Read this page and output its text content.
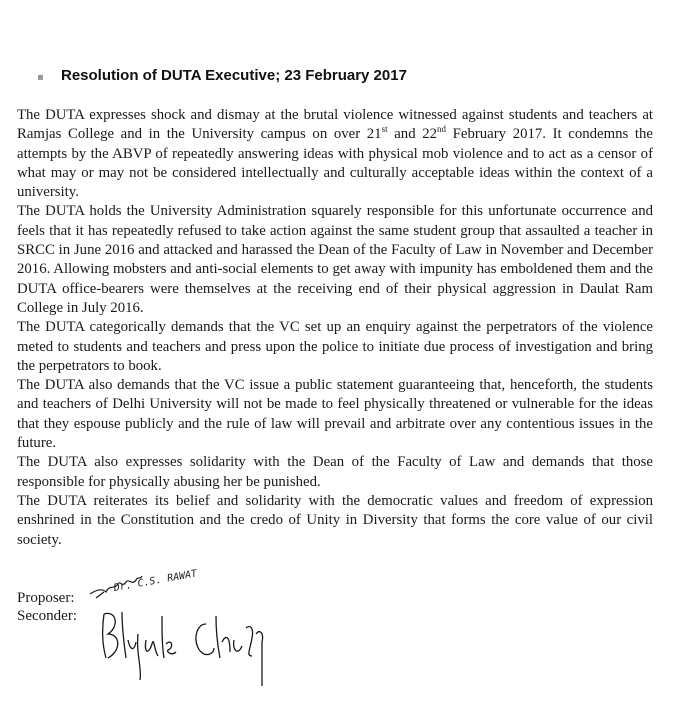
▪ Resolution of DUTA Executive; 23 February 2017

The DUTA expresses shock and dismay at the brutal violence witnessed against students and teachers at Ramjas College and in the University campus on over 21st and 22nd February 2017. It condemns the attempts by the ABVP of repeatedly answering ideas with physical mob violence and to act as a censor of what may or may not be considered intellectually and culturally acceptable ideas within the context of a university.

The DUTA holds the University Administration squarely responsible for this unfortunate occurrence and feels that it has repeatedly refused to take action against the same student group that assaulted a teacher in SRCC in June 2016 and attacked and harassed the Dean of the Faculty of Law in November and December 2016. Allowing mobsters and anti-social elements to get away with impunity has emboldened them and the DUTA office-bearers were themselves at the receiving end of their physical aggression in Daulat Ram College in July 2016.

The DUTA categorically demands that the VC set up an enquiry against the perpetrators of the violence meted to students and teachers and press upon the police to initiate due process of investigation and bring the perpetrators to book.

The DUTA also demands that the VC issue a public statement guaranteeing that, henceforth, the students and teachers of Delhi University will not be made to feel physically threatened or vulnerable for the ideas that they espouse publicly and the rule of law will prevail and arbitrate over any contentious issues in the future.

The DUTA also expresses solidarity with the Dean of the Faculty of Law and demands that those responsible for physically abusing her be punished.

The DUTA reiterates its belief and solidarity with the democratic values and freedom of expression enshrined in the Constitution and the credo of Unity in Diversity that forms the core value of our civil society.

Proposer:
Seconder:
Dr. C.S. RAWAT
